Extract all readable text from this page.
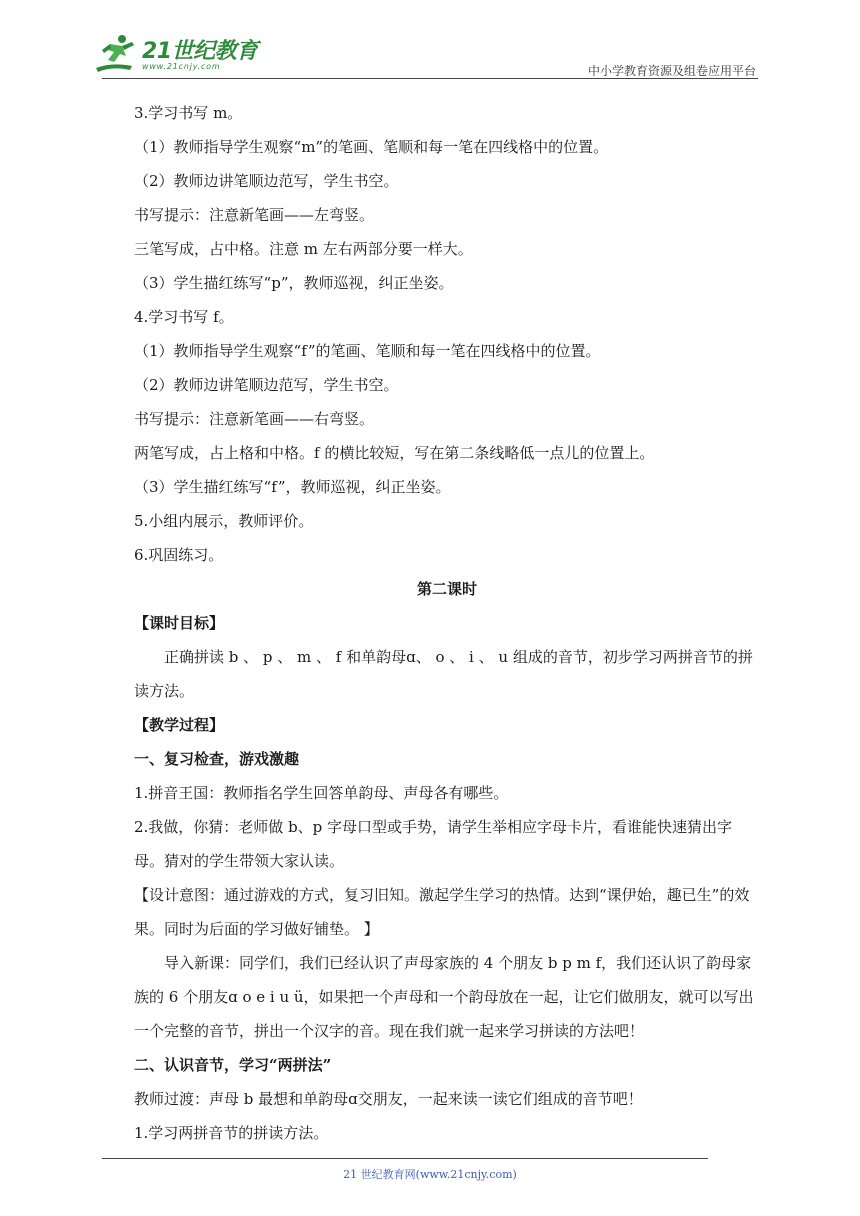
21世纪教育
www.21cnjy.com	中小学教育资源及组卷应用平台

3.学习书写 m。

（1）教师指导学生观察“m”的笔画、笔顺和每一笔在四线格中的位置。

（2）教师边讲笔顺边范写，学生书空。

书写提示：注意新笔画——左弯竖。

三笔写成，占中格。注意 m 左右两部分要一样大。

（3）学生描红练写“p”，教师巡视，纠正坐姿。

4.学习书写 f。

（1）教师指导学生观察“f”的笔画、笔顺和每一笔在四线格中的位置。

（2）教师边讲笔顺边范写，学生书空。

书写提示：注意新笔画——右弯竖。

两笔写成，占上格和中格。f 的横比较短，写在第二条线略低一点儿的位置上。

（3）学生描红练写“f”，教师巡视，纠正坐姿。

5.小组内展示，教师评价。

6.巩固练习。

第二课时

【课时目标】

正确拼读 b 、 p 、 m 、 f 和单韵母ɑ、 o 、 i 、 u 组成的音节，初步学习两拼音节的拼读方法。

【教学过程】

一、复习检查，游戏激趣

1.拼音王国：教师指名学生回答单韵母、声母各有哪些。

2.我做，你猜：老师做 b、p 字母口型或手势，请学生举相应字母卡片，看谁能快速猜出字母。猜对的学生带领大家认读。

【设计意图：通过游戏的方式，复习旧知。激起学生学习的热情。达到“课伊始，趣已生”的效果。同时为后面的学习做好铺垫。 】

导入新课：同学们，我们已经认识了声母家族的 4 个朋友 b p m f，我们还认识了韵母家族的 6 个朋友ɑ o e i u ü，如果把一个声母和一个韵母放在一起，让它们做朋友，就可以写出一个完整的音节，拼出一个汉字的音。现在我们就一起来学习拼读的方法吧！

二、认识音节，学习“两拼法”

教师过渡：声母 b 最想和单韵母ɑ交朋友，一起来读一读它们组成的音节吧！

1.学习两拼音节的拼读方法。

21 世纪教育网(www.21cnjy.com)
